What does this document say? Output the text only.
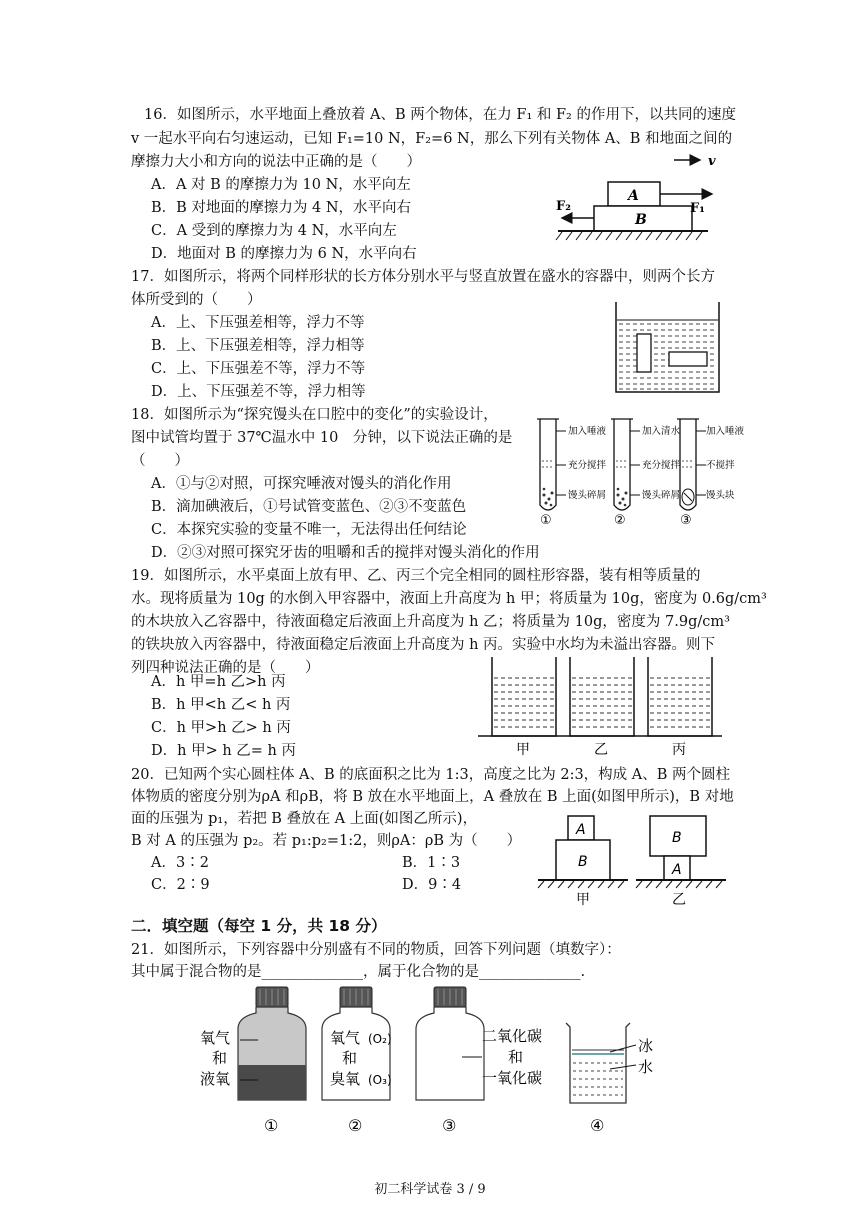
16．如图所示，水平地面上叠放着 A、B 两个物体，在力 F₁ 和 F₂ 的作用下，以共同的速度
v 一起水平向右匀速运动，已知 F₁=10 N，F₂=6 N，那么下列有关物体 A、B 和地面之间的
摩擦力大小和方向的说法中正确的是（　　）
A．A 对 B 的摩擦力为 10 N，水平向左
B．B 对地面的摩擦力为 4 N，水平向右
C．A 受到的摩擦力为 4 N，水平向左
D．地面对 B 的摩擦力为 6 N，水平向右
v
A
B
F₁
F₂
17．如图所示，将两个同样形状的长方体分别水平与竖直放置在盛水的容器中，则两个长方
体所受到的（　　）
A．上、下压强差相等，浮力不等
B．上、下压强差相等，浮力相等
C．上、下压强差不等，浮力不等
D．上、下压强差不等，浮力相等
18．如图所示为“探究馒头在口腔中的变化”的实验设计，
图中试管均置于 37℃温水中 10　分钟，以下说法正确的是
（　　）
A．①与②对照，可探究唾液对馒头的消化作用
B．滴加碘液后，①号试管变蓝色、②③不变蓝色
C．本探究实验的变量不唯一，无法得出任何结论
D．②③对照可探究牙齿的咀嚼和舌的搅拌对馒头消化的作用
加入唾液
充分搅拌
馒头碎屑
①
加入清水
充分搅拌
馒头碎屑
②
加入唾液
不搅拌
馒头块
③
19．如图所示，水平桌面上放有甲、乙、丙三个完全相同的圆柱形容器，装有相等质量的
水。现将质量为 10g 的水倒入甲容器中，液面上升高度为 h 甲；将质量为 10g，密度为 0.6g/cm³
的木块放入乙容器中，待液面稳定后液面上升高度为 h 乙；将质量为 10g，密度为 7.9g/cm³
的铁块放入丙容器中，待液面稳定后液面上升高度为 h 丙。实验中水均为未溢出容器。则下
列四种说法正确的是（　　）
A．h 甲=h 乙>h 丙
B．h 甲<h 乙< h 丙
C．h 甲>h 乙> h 丙
D．h 甲> h 乙= h 丙	甲	乙	丙
20．已知两个实心圆柱体 A、B 的底面积之比为 1:3，高度之比为 2:3，构成 A、B 两个圆柱
体物质的密度分别为ρA 和ρB，将 B 放在水平地面上，A 叠放在 B 上面(如图甲所示)，B 对地
面的压强为 p₁，若把 B 叠放在 A 上面(如图乙所示)，
B 对 A 的压强为 p₂。若 p₁:p₂=1:2，则ρA：ρB 为（　　）
A．3∶2	B．1∶3
C．2∶9	D．9∶4
A
B
B
A
甲	乙
二．填空题（每空 1 分，共 18 分）
21．如图所示，下列容器中分别盛有不同的物质，回答下列问题（填数字）：
其中属于混合物的是______________，属于化合物的是______________.
氧气
和
液氧
氧气
和
臭氧
(O₂)
(O₃)
二氧化碳
和
一氧化碳
冰
水
①	②	③	④
初二科学试卷 3 / 9
